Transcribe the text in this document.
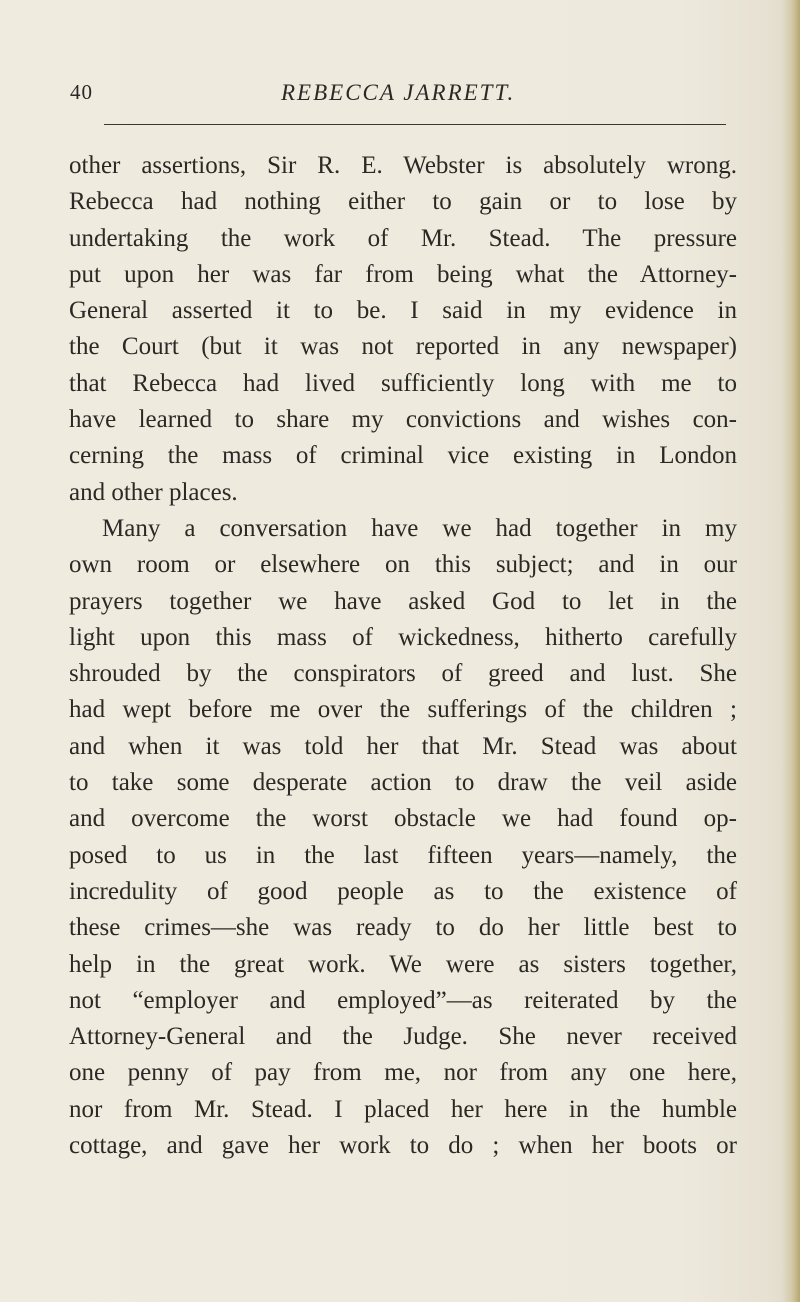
40	REBECCA JARRETT.
other assertions, Sir R. E. Webster is absolutely wrong.
Rebecca had nothing either to gain or to lose by
undertaking the work of Mr. Stead. The pressure
put upon her was far from being what the Attorney-
General asserted it to be. I said in my evidence in
the Court (but it was not reported in any newspaper)
that Rebecca had lived sufficiently long with me to
have learned to share my convictions and wishes con-
cerning the mass of criminal vice existing in London
and other places.
Many a conversation have we had together in my
own room or elsewhere on this subject; and in our
prayers together we have asked God to let in the
light upon this mass of wickedness, hitherto carefully
shrouded by the conspirators of greed and lust. She
had wept before me over the sufferings of the children ;
and when it was told her that Mr. Stead was about
to take some desperate action to draw the veil aside
and overcome the worst obstacle we had found op-
posed to us in the last fifteen years—namely, the
incredulity of good people as to the existence of
these crimes—she was ready to do her little best to
help in the great work. We were as sisters together,
not “employer and employed”—as reiterated by the
Attorney-General and the Judge. She never received
one penny of pay from me, nor from any one here,
nor from Mr. Stead. I placed her here in the humble
cottage, and gave her work to do ; when her boots or
